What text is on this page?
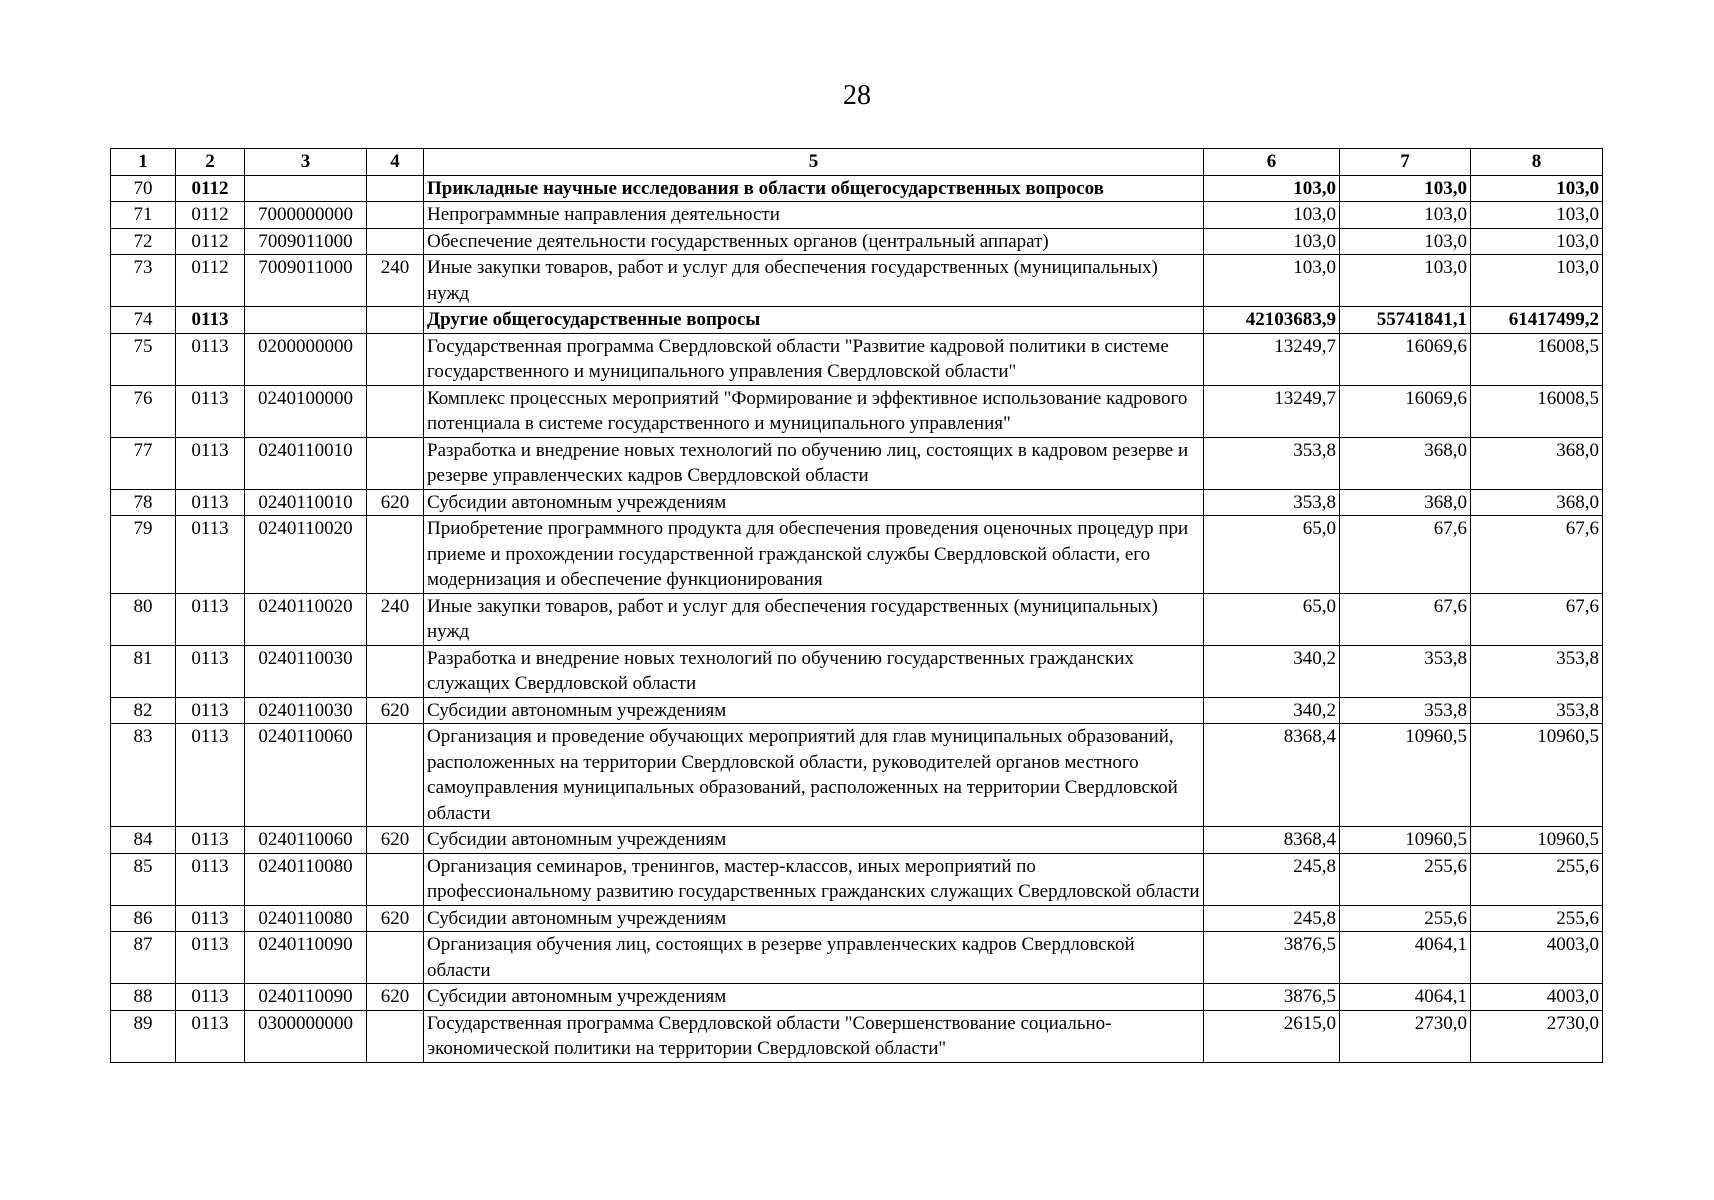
28
1	2	3	4	5	6	7	8
70	0112			Прикладные научные исследования в области общегосударственных вопросов	103,0	103,0	103,0
71	0112	7000000000		Непрограммные направления деятельности	103,0	103,0	103,0
72	0112	7009011000		Обеспечение деятельности государственных органов (центральный аппарат)	103,0	103,0	103,0
73	0112	7009011000	240	Иные закупки товаров, работ и услуг для обеспечения государственных (муниципальных) нужд	103,0	103,0	103,0
74	0113			Другие общегосударственные вопросы	42103683,9	55741841,1	61417499,2
75	0113	0200000000		Государственная программа Свердловской области "Развитие кадровой политики в системе государственного и муниципального управления Свердловской области"	13249,7	16069,6	16008,5
76	0113	0240100000		Комплекс процессных мероприятий "Формирование и эффективное использование кадрового потенциала в системе государственного и муниципального управления"	13249,7	16069,6	16008,5
77	0113	0240110010		Разработка и внедрение новых технологий по обучению лиц, состоящих в кадровом резерве и резерве управленческих кадров Свердловской области	353,8	368,0	368,0
78	0113	0240110010	620	Субсидии автономным учреждениям	353,8	368,0	368,0
79	0113	0240110020		Приобретение программного продукта для обеспечения проведения оценочных процедур при приеме и прохождении государственной гражданской службы Свердловской области, его модернизация и обеспечение функционирования	65,0	67,6	67,6
80	0113	0240110020	240	Иные закупки товаров, работ и услуг для обеспечения государственных (муниципальных) нужд	65,0	67,6	67,6
81	0113	0240110030		Разработка и внедрение новых технологий по обучению государственных гражданских служащих Свердловской области	340,2	353,8	353,8
82	0113	0240110030	620	Субсидии автономным учреждениям	340,2	353,8	353,8
83	0113	0240110060		Организация и проведение обучающих мероприятий для глав муниципальных образований, расположенных на территории Свердловской области, руководителей органов местного самоуправления муниципальных образований, расположенных на территории Свердловской области	8368,4	10960,5	10960,5
84	0113	0240110060	620	Субсидии автономным учреждениям	8368,4	10960,5	10960,5
85	0113	0240110080		Организация семинаров, тренингов, мастер-классов, иных мероприятий по профессиональному развитию государственных гражданских служащих Свердловской области	245,8	255,6	255,6
86	0113	0240110080	620	Субсидии автономным учреждениям	245,8	255,6	255,6
87	0113	0240110090		Организация обучения лиц, состоящих в резерве управленческих кадров Свердловской области	3876,5	4064,1	4003,0
88	0113	0240110090	620	Субсидии автономным учреждениям	3876,5	4064,1	4003,0
89	0113	0300000000		Государственная программа Свердловской области "Совершенствование социально-экономической политики на территории Свердловской области"	2615,0	2730,0	2730,0
